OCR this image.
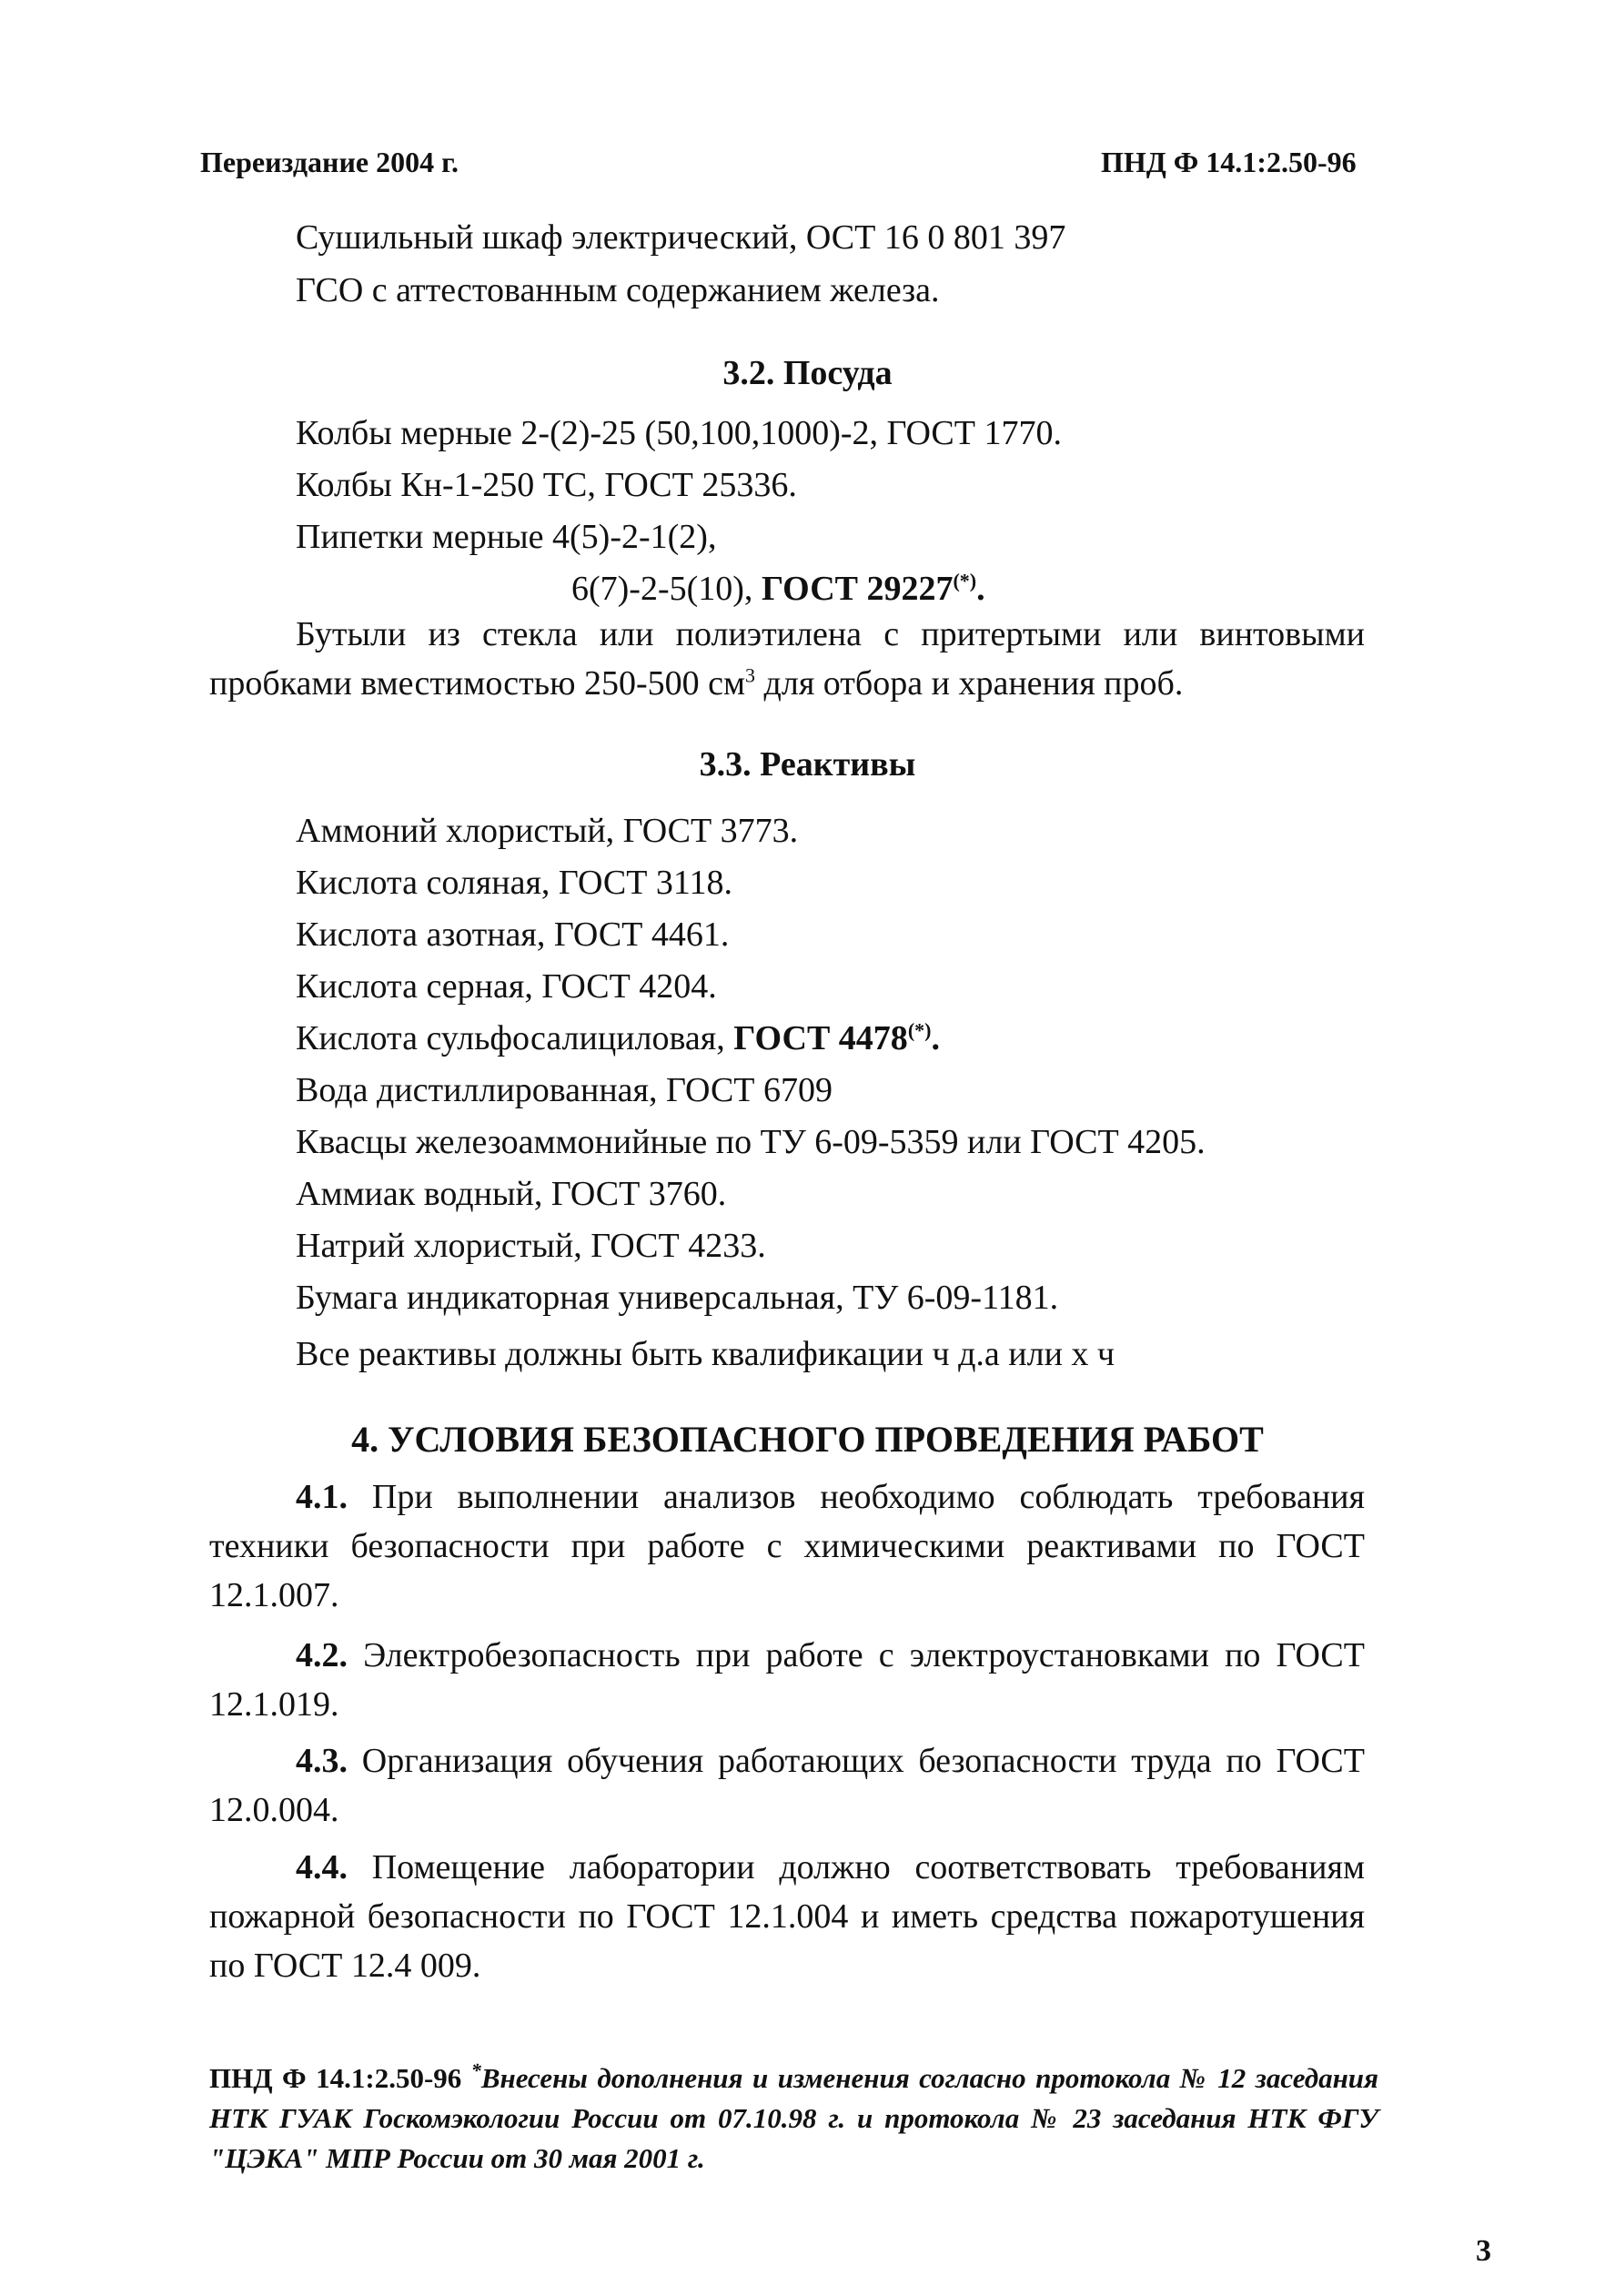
Переиздание 2004 г.	ПНД Ф 14.1:2.50-96
Сушильный шкаф электрический, ОСТ 16 0 801 397
ГСО с аттестованным содержанием железа.
3.2. Посуда
Колбы мерные 2-(2)-25 (50,100,1000)-2, ГОСТ 1770.
Колбы Кн-1-250 ТС, ГОСТ 25336.
Пипетки мерные 4(5)-2-1(2),
6(7)-2-5(10), ГОСТ 29227(*).
Бутыли из стекла или полиэтилена с притертыми или винтовыми пробками вместимостью 250-500 $см^3$ для отбора и хранения проб.
3.3. Реактивы
Аммоний хлористый, ГОСТ 3773.
Кислота соляная, ГОСТ 3118.
Кислота азотная, ГОСТ 4461.
Кислота серная, ГОСТ 4204.
Кислота сульфосалициловая, ГОСТ 4478(*).
Вода дистиллированная, ГОСТ 6709
Квасцы железоаммонийные по ТУ 6-09-5359 или ГОСТ 4205.
Аммиак водный, ГОСТ 3760.
Натрий хлористый, ГОСТ 4233.
Бумага индикаторная универсальная, ТУ 6-09-1181.
Все реактивы должны быть квалификации ч д.а или х ч
4. УСЛОВИЯ БЕЗОПАСНОГО ПРОВЕДЕНИЯ РАБОТ
4.1. При выполнении анализов необходимо соблюдать требования техники безопасности при работе с химическими реактивами по ГОСТ 12.1.007.
4.2. Электробезопасность при работе с электроустановками по ГОСТ 12.1.019.
4.3. Организация обучения работающих безопасности труда по ГОСТ 12.0.004.
4.4. Помещение лаборатории должно соответствовать требованиям пожарной безопасности по ГОСТ 12.1.004 и иметь средства пожаротушения по ГОСТ 12.4 009.
ПНД Ф 14.1:2.50-96 *Внесены дополнения и изменения согласно протокола № 12 заседания НТК ГУАК Госкомэкологии России от 07.10.98 г. и протокола № 23 заседания НТК ФГУ "ЦЭКА" МПР России от 30 мая 2001 г.
3
